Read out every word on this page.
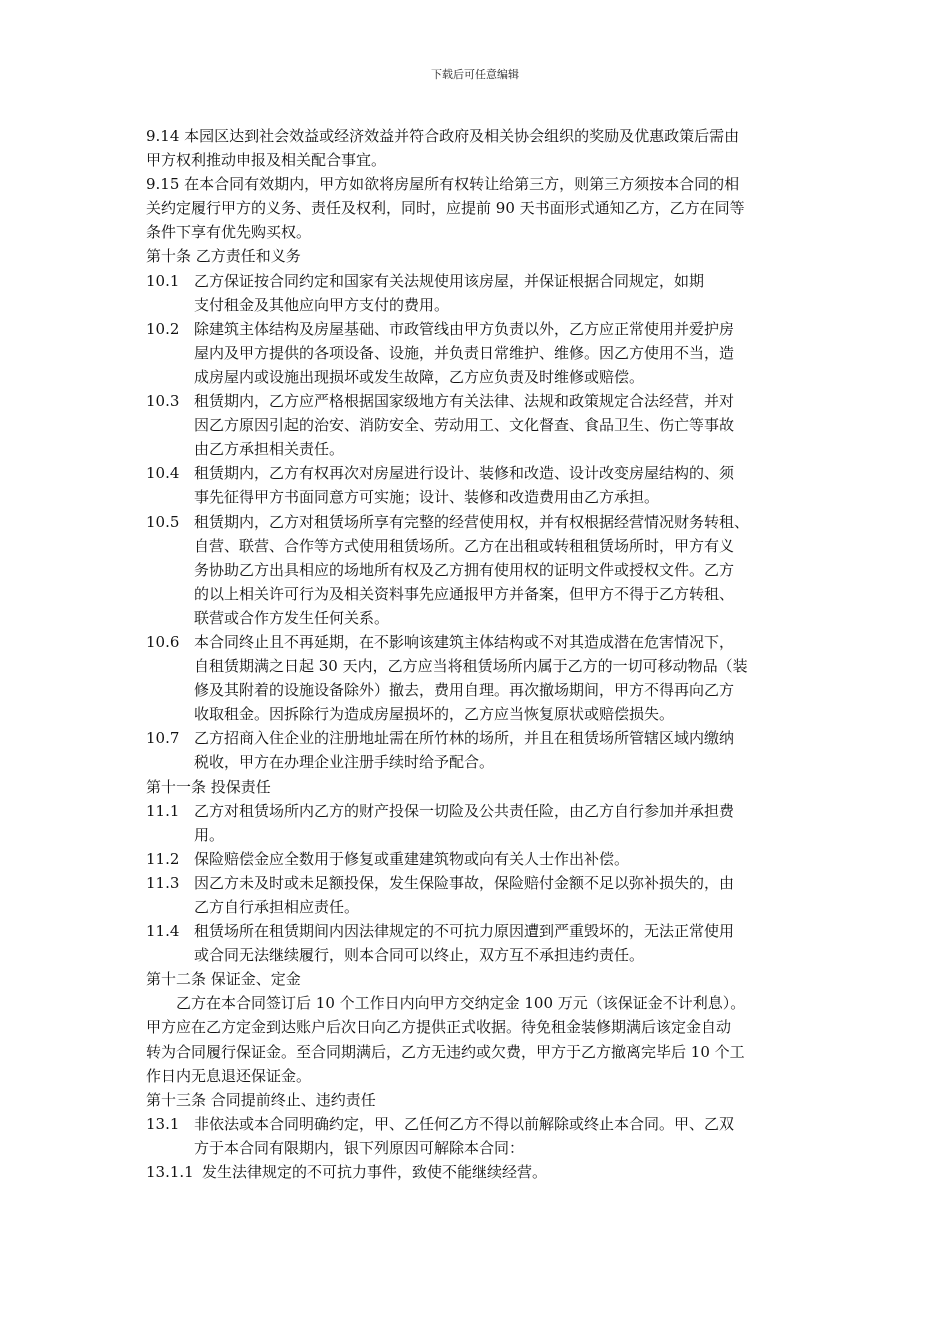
下载后可任意编辑
9.14 本园区达到社会效益或经济效益并符合政府及相关协会组织的奖励及优惠政策后需由
甲方权利推动申报及相关配合事宜。
9.15 在本合同有效期内，甲方如欲将房屋所有权转让给第三方，则第三方须按本合同的相
关约定履行甲方的义务、责任及权利，同时，应提前 90 天书面形式通知乙方，乙方在同等
条件下享有优先购买权。
第十条 乙方责任和义务
10.1 乙方保证按合同约定和国家有关法规使用该房屋，并保证根据合同规定，如期
支付租金及其他应向甲方支付的费用。
10.2 除建筑主体结构及房屋基础、市政管线由甲方负责以外，乙方应正常使用并爱护房
屋内及甲方提供的各项设备、设施，并负责日常维护、维修。因乙方使用不当，造
成房屋内或设施出现损坏或发生故障，乙方应负责及时维修或赔偿。
10.3 租赁期内，乙方应严格根据国家级地方有关法律、法规和政策规定合法经营，并对
因乙方原因引起的治安、消防安全、劳动用工、文化督查、食品卫生、伤亡等事故
由乙方承担相关责任。
10.4 租赁期内，乙方有权再次对房屋进行设计、装修和改造、设计改变房屋结构的、须
事先征得甲方书面同意方可实施；设计、装修和改造费用由乙方承担。
10.5 租赁期内，乙方对租赁场所享有完整的经营使用权，并有权根据经营情况财务转租、
自营、联营、合作等方式使用租赁场所。乙方在出租或转租租赁场所时，甲方有义
务协助乙方出具相应的场地所有权及乙方拥有使用权的证明文件或授权文件。乙方
的以上相关许可行为及相关资料事先应通报甲方并备案，但甲方不得于乙方转租、
联营或合作方发生任何关系。
10.6 本合同终止且不再延期，在不影响该建筑主体结构或不对其造成潜在危害情况下，
自租赁期满之日起 30 天内，乙方应当将租赁场所内属于乙方的一切可移动物品（装
修及其附着的设施设备除外）撤去，费用自理。再次撤场期间，甲方不得再向乙方
收取租金。因拆除行为造成房屋损坏的，乙方应当恢复原状或赔偿损失。
10.7 乙方招商入住企业的注册地址需在所竹林的场所，并且在租赁场所管辖区域内缴纳
税收，甲方在办理企业注册手续时给予配合。
第十一条 投保责任
11.1 乙方对租赁场所内乙方的财产投保一切险及公共责任险，由乙方自行参加并承担费
用。
11.2 保险赔偿金应全数用于修复或重建建筑物或向有关人士作出补偿。
11.3 因乙方未及时或未足额投保，发生保险事故，保险赔付金额不足以弥补损失的，由
乙方自行承担相应责任。
11.4 租赁场所在租赁期间内因法律规定的不可抗力原因遭到严重毁坏的，无法正常使用
或合同无法继续履行，则本合同可以终止，双方互不承担违约责任。
第十二条 保证金、定金
　　乙方在本合同签订后 10 个工作日内向甲方交纳定金 100 万元（该保证金不计利息）。
甲方应在乙方定金到达账户后次日向乙方提供正式收据。待免租金装修期满后该定金自动
转为合同履行保证金。至合同期满后，乙方无违约或欠费，甲方于乙方撤离完毕后 10 个工
作日内无息退还保证金。
第十三条 合同提前终止、违约责任
13.1 非依法或本合同明确约定，甲、乙任何乙方不得以前解除或终止本合同。甲、乙双
方于本合同有限期内，银下列原因可解除本合同：
13.1.1 发生法律规定的不可抗力事件，致使不能继续经营。
